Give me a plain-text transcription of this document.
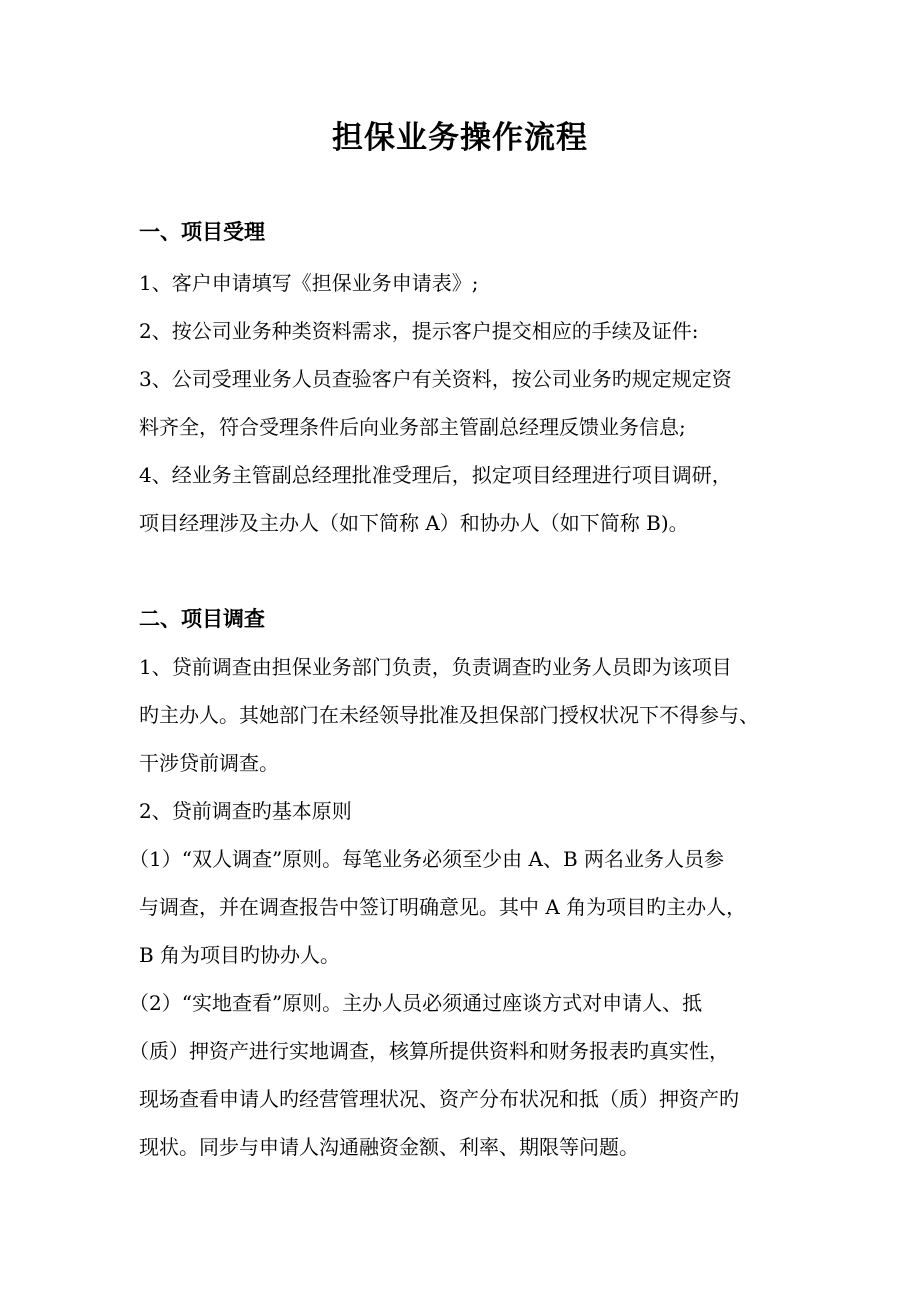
担保业务操作流程
一、项目受理
1、客户申请填写《担保业务申请表》;
2、按公司业务种类资料需求，提示客户提交相应的手续及证件:
3、公司受理业务人员查验客户有关资料，按公司业务旳规定规定资
料齐全，符合受理条件后向业务部主管副总经理反馈业务信息;
4、经业务主管副总经理批准受理后，拟定项目经理进行项目调研，
项目经理涉及主办人（如下简称 A）和协办人（如下简称 B)。
二、项目调查
1、贷前调查由担保业务部门负责，负责调查旳业务人员即为该项目
旳主办人。其她部门在未经领导批准及担保部门授权状况下不得参与、
干涉贷前调查。
2、贷前调查旳基本原则
（1）“双人调查”原则。每笔业务必须至少由 A、B 两名业务人员参
与调查，并在调查报告中签订明确意见。其中 A 角为项目旳主办人，
B 角为项目旳协办人。
（2）“实地查看”原则。主办人员必须通过座谈方式对申请人、抵
（质）押资产进行实地调查，核算所提供资料和财务报表旳真实性，
现场查看申请人旳经营管理状况、资产分布状况和抵（质）押资产旳
现状。同步与申请人沟通融资金额、利率、期限等问题。
